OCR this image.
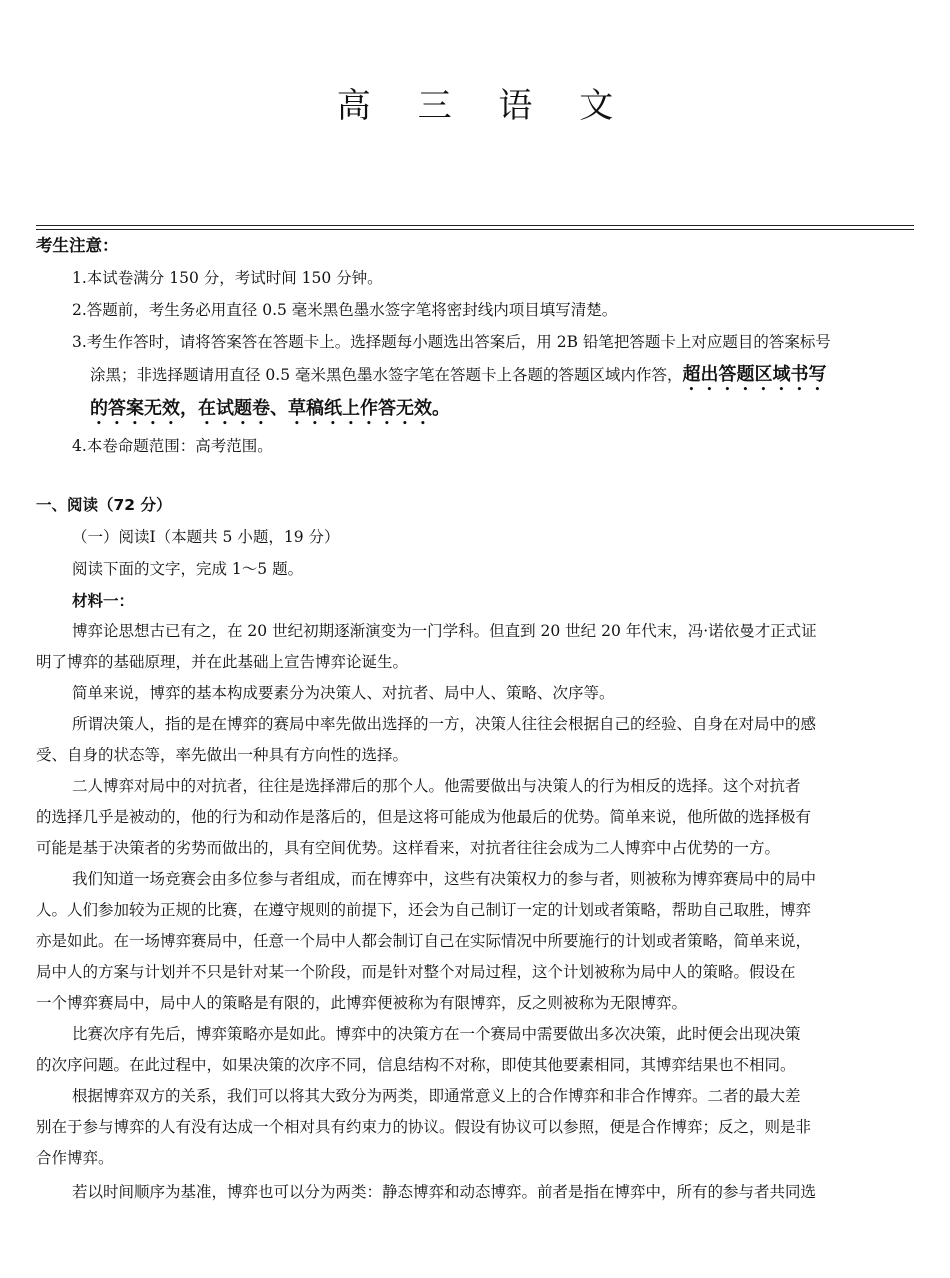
高 三 语 文
考生注意：
1.本试卷满分 150 分，考试时间 150 分钟。
2.答题前，考生务必用直径 0.5 毫米黑色墨水签字笔将密封线内项目填写清楚。
3.考生作答时，请将答案答在答题卡上。选择题每小题选出答案后，用 2B 铅笔把答题卡上对应题目的答案标号
涂黑；非选择题请用直径 0.5 毫米黑色墨水签字笔在答题卡上各题的答题区域内作答，超出答题区域书写
的答案无效，在试题卷、草稿纸上作答无效。
4.本卷命题范围：高考范围。
一、阅读（72 分）
（一）阅读Ⅰ（本题共 5 小题，19 分）
阅读下面的文字，完成 1～5 题。
材料一：
博弈论思想古已有之，在 20 世纪初期逐渐演变为一门学科。但直到 20 世纪 20 年代末，冯·诺依曼才正式证
明了博弈的基础原理，并在此基础上宣告博弈论诞生。
简单来说，博弈的基本构成要素分为决策人、对抗者、局中人、策略、次序等。
所谓决策人，指的是在博弈的赛局中率先做出选择的一方，决策人往往会根据自己的经验、自身在对局中的感
受、自身的状态等，率先做出一种具有方向性的选择。
二人博弈对局中的对抗者，往往是选择滞后的那个人。他需要做出与决策人的行为相反的选择。这个对抗者
的选择几乎是被动的，他的行为和动作是落后的，但是这将可能成为他最后的优势。简单来说，他所做的选择极有
可能是基于决策者的劣势而做出的，具有空间优势。这样看来，对抗者往往会成为二人博弈中占优势的一方。
我们知道一场竞赛会由多位参与者组成，而在博弈中，这些有决策权力的参与者，则被称为博弈赛局中的局中
人。人们参加较为正规的比赛，在遵守规则的前提下，还会为自己制订一定的计划或者策略，帮助自己取胜，博弈
亦是如此。在一场博弈赛局中，任意一个局中人都会制订自己在实际情况中所要施行的计划或者策略，简单来说，
局中人的方案与计划并不只是针对某一个阶段，而是针对整个对局过程，这个计划被称为局中人的策略。假设在
一个博弈赛局中，局中人的策略是有限的，此博弈便被称为有限博弈，反之则被称为无限博弈。
比赛次序有先后，博弈策略亦是如此。博弈中的决策方在一个赛局中需要做出多次决策，此时便会出现决策
的次序问题。在此过程中，如果决策的次序不同，信息结构不对称，即使其他要素相同，其博弈结果也不相同。
根据博弈双方的关系，我们可以将其大致分为两类，即通常意义上的合作博弈和非合作博弈。二者的最大差
别在于参与博弈的人有没有达成一个相对具有约束力的协议。假设有协议可以参照，便是合作博弈；反之，则是非
合作博弈。
若以时间顺序为基准，博弈也可以分为两类：静态博弈和动态博弈。前者是指在博弈中，所有的参与者共同选
